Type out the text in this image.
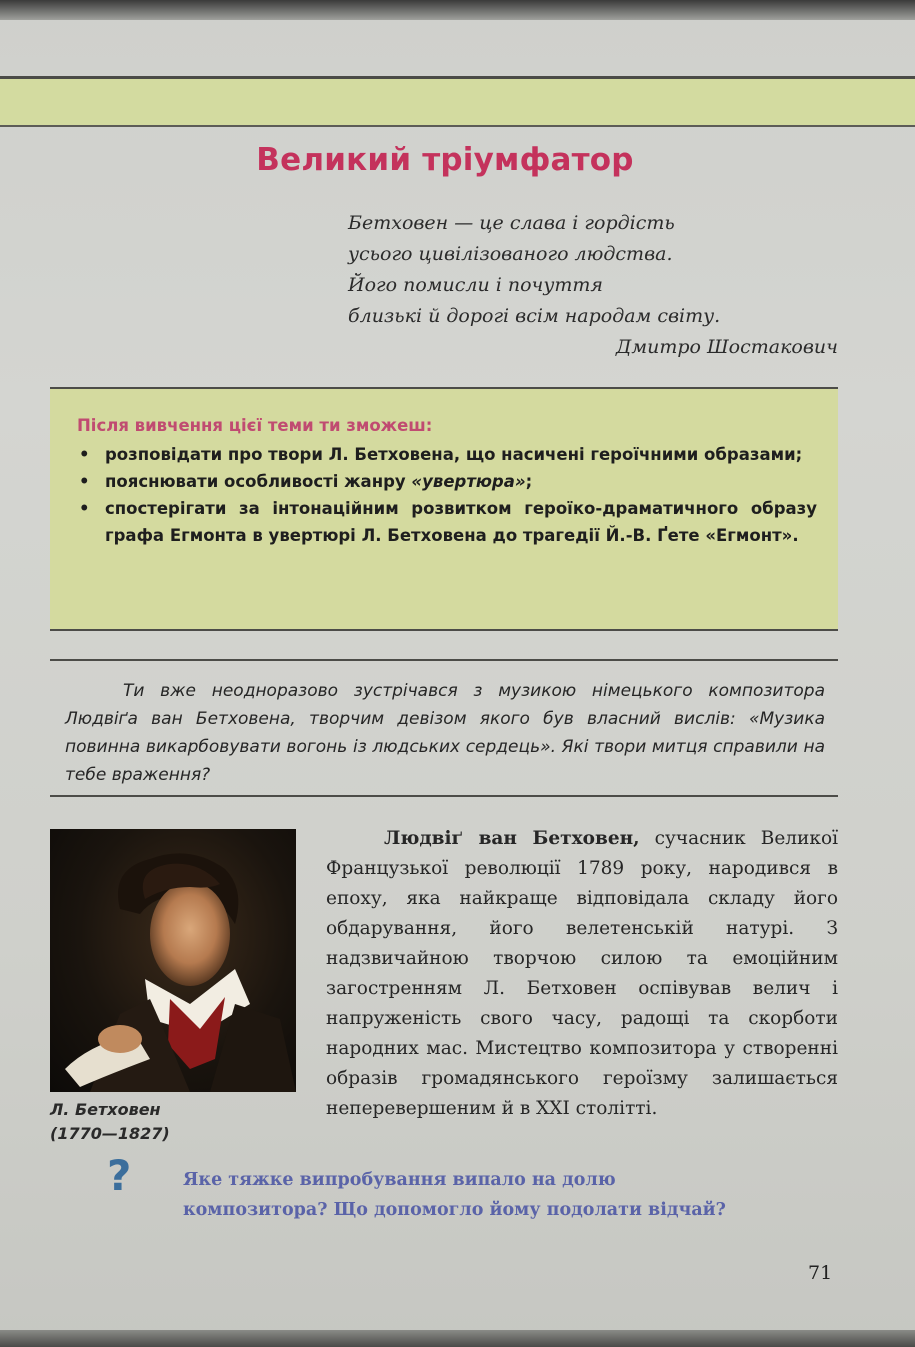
Великий тріумфатор
Бетховен — це слава і гордість
усього цивілізованого людства.
Його помисли і почуття
близькі й дорогі всім народам світу.
Дмитро Шостакович
Після вивчення цієї теми ти зможеш:
• розповідати про твори Л. Бетховена, що насичені героїчними образами;
• пояснювати особливості жанру «увертюра»;
• спостерігати за інтонаційним розвитком героїко-драматичного образу графа Егмонта в увертюрі Л. Бетховена до трагедії Й.-В. Ґете «Егмонт».

Ти вже неодноразово зустрічався з музикою німецького композитора Людвіґа ван Бетховена, творчим девізом якого був власний вислів: «Музика повинна викарбовувати вогонь із людських сердець». Які твори митця справили на тебе враження?

Л. Бетховен
(1770—1827)

Людвіґ ван Бетховен, сучасник Великої Французької революції 1789 року, народився в епоху, яка найкраще відповідала складу його обдарування, його велетенській натурі. З надзвичайною творчою силою та емоційним загостренням Л. Бетховен оспівував велич і напруженість свого часу, радощі та скорботи народних мас. Мистецтво композитора у створенні образів громадянського героїзму залишається неперевершеним й в XXI столітті.

?	Яке тяжке випробування випало на долю
композитора? Що допомогло йому подолати відчай?
71
